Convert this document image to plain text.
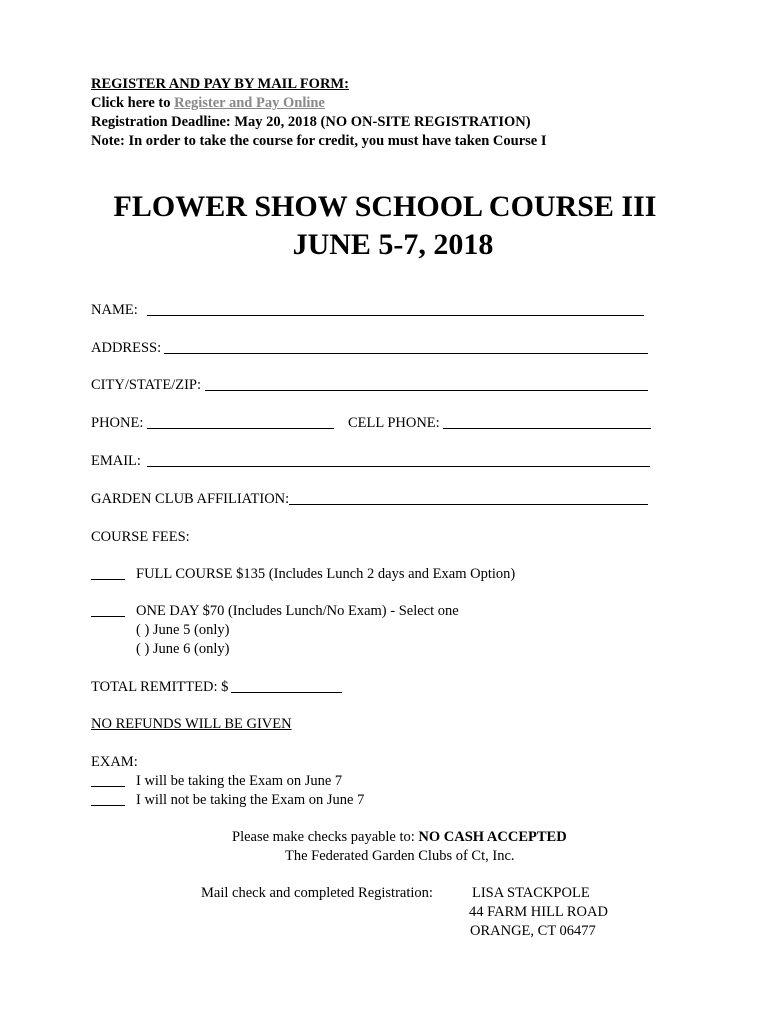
REGISTER AND PAY BY MAIL FORM:
Click here to Register and Pay Online
Registration Deadline: May 20, 2018 (NO ON-SITE REGISTRATION)
Note: In order to take the course for credit, you must have taken Course I
FLOWER SHOW SCHOOL COURSE III
JUNE 5-7, 2018
NAME:
ADDRESS:
CITY/STATE/ZIP:
PHONE:	CELL PHONE:
EMAIL:
GARDEN CLUB AFFILIATION:
COURSE FEES:
FULL COURSE $135 (Includes Lunch 2 days and Exam Option)
ONE DAY $70 (Includes Lunch/No Exam) - Select one
( ) June 5 (only)
( ) June 6 (only)
TOTAL REMITTED: $
NO REFUNDS WILL BE GIVEN
EXAM:
I will be taking the Exam on June 7
I will not be taking the Exam on June 7
Please make checks payable to: NO CASH ACCEPTED
The Federated Garden Clubs of Ct, Inc.
Mail check and completed Registration:	LISA STACKPOLE
44 FARM HILL ROAD
ORANGE, CT 06477
